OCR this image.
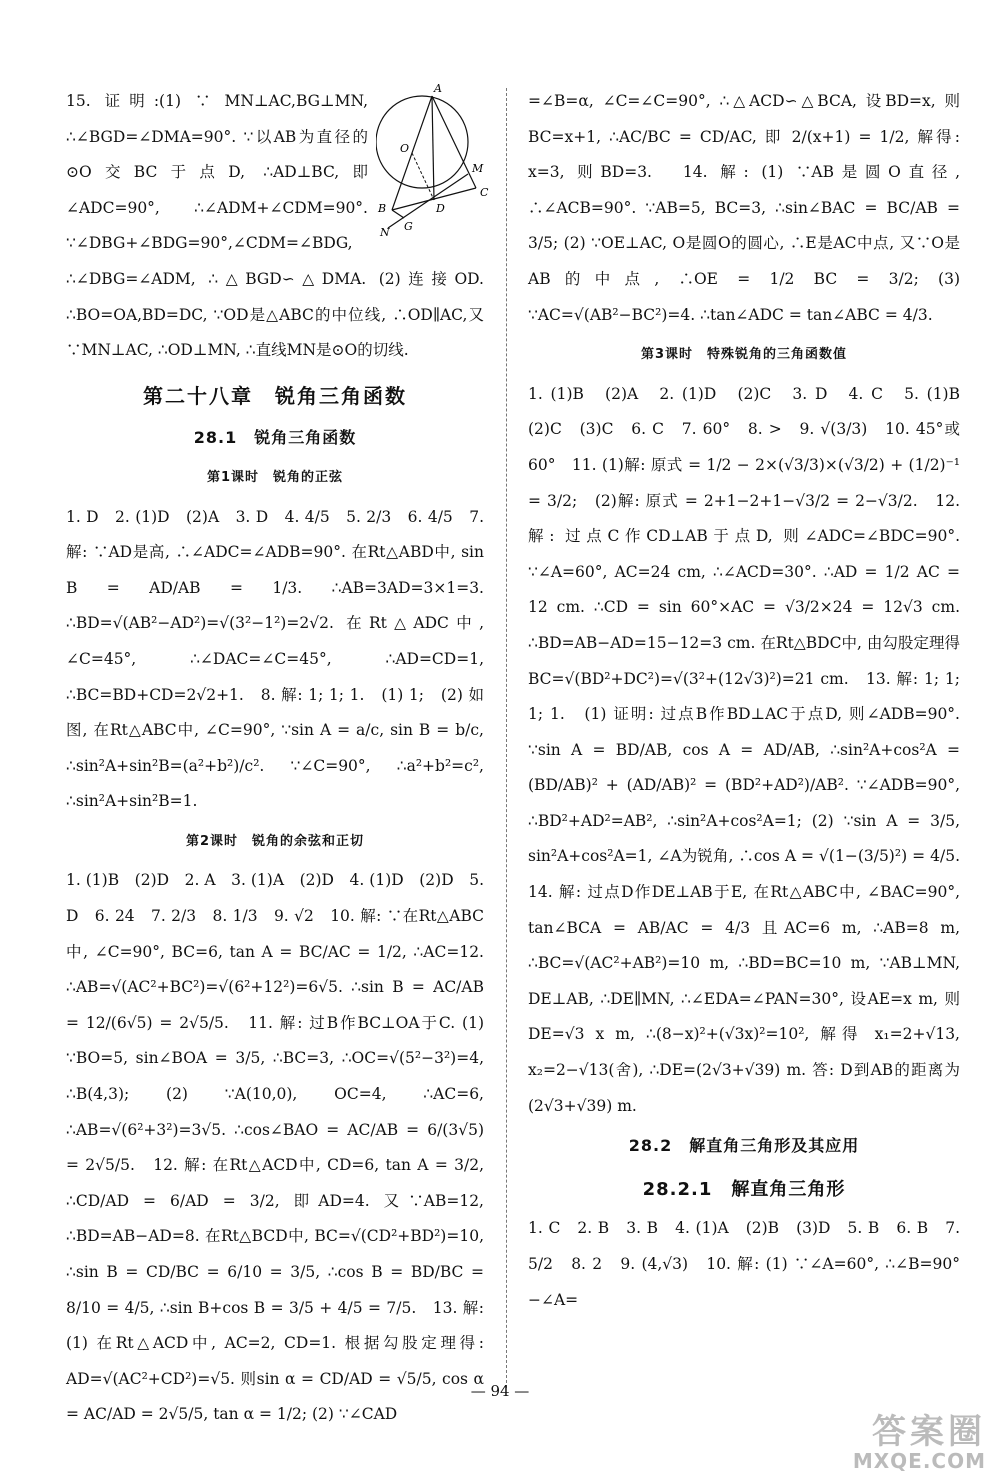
A
O
M
B	D
C
G
N

15. 证明:(1) ∵ MN⊥AC,BG⊥MN, ∴∠BGD=∠DMA=90°. ∵以AB为直径的⊙O交BC于点D, ∴AD⊥BC,即∠ADC=90°, ∴∠ADM+∠CDM=90°. ∵∠DBG+∠BDG=90°,∠CDM=∠BDG, ∴∠DBG=∠ADM, ∴△BGD∽△DMA. (2)连接OD. ∴BO=OA,BD=DC, ∵OD是△ABC的中位线, ∴OD∥AC,又∵MN⊥AC, ∴OD⊥MN, ∴直线MN是⊙O的切线.

第二十八章　锐角三角函数
28.1　锐角三角函数
第1课时　锐角的正弦

1. D　2. (1)D　(2)A　3. D　4. 4/5　5. 2/3　6. 4/5　7. 解: ∵AD是高, ∴∠ADC=∠ADB=90°. 在Rt△ABD中, sin B = AD/AB = 1/3. ∴AB=3AD=3×1=3. ∴BD=√(AB²−AD²)=√(3²−1²)=2√2. 在Rt△ADC中, ∠C=45°, ∴∠DAC=∠C=45°, ∴AD=CD=1, ∴BC=BD+CD=2√2+1.　8. 解: 1; 1; 1.　(1) 1;　(2) 如图, 在Rt△ABC中, ∠C=90°, ∵sin A = a/c, sin B = b/c, ∴sin²A+sin²B=(a²+b²)/c². ∵∠C=90°, ∴a²+b²=c², ∴sin²A+sin²B=1.

第2课时　锐角的余弦和正切

1. (1)B　(2)D　2. A　3. (1)A　(2)D　4. (1)D　(2)D　5. D　6. 24　7. 2/3　8. 1/3　9. √2　10. 解: ∵在Rt△ABC中, ∠C=90°, BC=6, tan A = BC/AC = 1/2, ∴AC=12. ∴AB=√(AC²+BC²)=√(6²+12²)=6√5. ∴sin B = AC/AB = 12/(6√5) = 2√5/5.　11. 解: 过B作BC⊥OA于C. (1) ∵BO=5, sin∠BOA = 3/5, ∴BC=3, ∴OC=√(5²−3²)=4, ∴B(4,3); (2) ∵A(10,0), OC=4, ∴AC=6, ∴AB=√(6²+3²)=3√5. ∴cos∠BAO = AC/AB = 6/(3√5) = 2√5/5.　12. 解: 在Rt△ACD中, CD=6, tan A = 3/2, ∴CD/AD = 6/AD = 3/2, 即AD=4. 又∵AB=12, ∴BD=AB−AD=8. 在Rt△BCD中, BC=√(CD²+BD²)=10, ∴sin B = CD/BC = 6/10 = 3/5, ∴cos B = BD/BC = 8/10 = 4/5, ∴sin B+cos B = 3/5 + 4/5 = 7/5.　13. 解: (1) 在Rt△ACD中, AC=2, CD=1. 根据勾股定理得: AD=√(AC²+CD²)=√5. 则sin α = CD/AD = √5/5, cos α = AC/AD = 2√5/5, tan α = 1/2; (2) ∵∠CAD

=∠B=α, ∠C=∠C=90°, ∴△ACD∽△BCA, 设BD=x, 则BC=x+1, ∴AC/BC = CD/AC, 即 2/(x+1) = 1/2, 解得: x=3, 则BD=3.　14. 解: (1) ∵AB是圆O直径, ∴∠ACB=90°. ∵AB=5, BC=3, ∴sin∠BAC = BC/AB = 3/5; (2) ∵OE⊥AC, O是圆O的圆心, ∴E是AC中点, 又∵O是AB的中点, ∴OE = 1/2 BC = 3/2; (3) ∵AC=√(AB²−BC²)=4. ∴tan∠ADC = tan∠ABC = 4/3.

第3课时　特殊锐角的三角函数值

1. (1)B　(2)A　2. (1)D　(2)C　3. D　4. C　5. (1)B　(2)C　(3)C　6. C　7. 60°　8. >　9. √(3/3)　10. 45°或60°　11. (1)解: 原式 = 1/2 − 2×(√3/3)×(√3/2) + (1/2)⁻¹ = 3/2;　(2)解: 原式 = 2+1−2+1−√3/2 = 2−√3/2.　12. 解: 过点C作CD⊥AB于点D, 则∠ADC=∠BDC=90°. ∵∠A=60°, AC=24 cm, ∴∠ACD=30°. ∴AD = 1/2 AC = 12 cm. ∴CD = sin 60°×AC = √3/2×24 = 12√3 cm. ∴BD=AB−AD=15−12=3 cm. 在Rt△BDC中, 由勾股定理得 BC=√(BD²+DC²)=√(3²+(12√3)²)=21 cm.　13. 解: 1; 1; 1; 1.　(1) 证明: 过点B作BD⊥AC于点D, 则∠ADB=90°. ∵sin A = BD/AB, cos A = AD/AB, ∴sin²A+cos²A = (BD/AB)² + (AD/AB)² = (BD²+AD²)/AB². ∵∠ADB=90°, ∴BD²+AD²=AB², ∴sin²A+cos²A=1; (2) ∵sin A = 3/5, sin²A+cos²A=1, ∠A为锐角, ∴cos A = √(1−(3/5)²) = 4/5.　14. 解: 过点D作DE⊥AB于E, 在Rt△ABC中, ∠BAC=90°, tan∠BCA = AB/AC = 4/3 且AC=6 m, ∴AB=8 m, ∴BC=√(AC²+AB²)=10 m, ∴BD=BC=10 m, ∵AB⊥MN, DE⊥AB, ∴DE∥MN, ∴∠EDA=∠PAN=30°, 设AE=x m, 则DE=√3 x m, ∴(8−x)²+(√3x)²=10², 解得 x₁=2+√13, x₂=2−√13(舍), ∴DE=(2√3+√39) m. 答: D到AB的距离为(2√3+√39) m.

28.2　解直角三角形及其应用
28.2.1　解直角三角形

1. C　2. B　3. B　4. (1)A　(2)B　(3)D　5. B　6. B　7. 5/2　8. 2　9. (4,√3)　10. 解: (1) ∵∠A=60°, ∴∠B=90°−∠A=

— 94 —
答案圈
MXQE.COM
